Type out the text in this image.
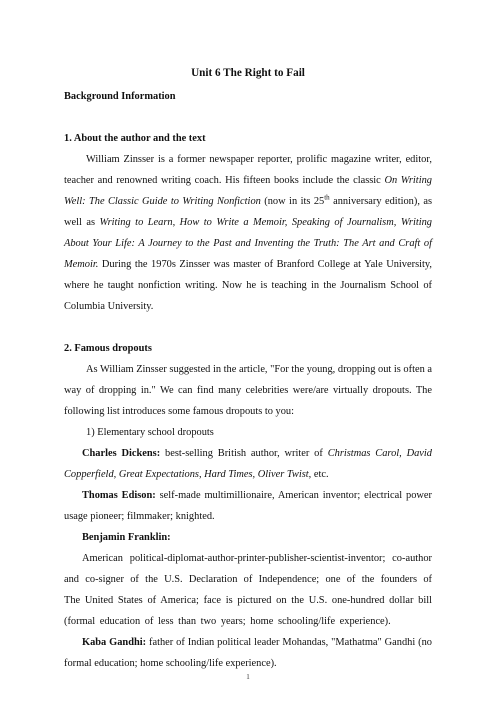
Unit 6 The Right to Fail
Background Information
1. About the author and the text

William Zinsser is a former newspaper reporter, prolific magazine writer, editor, teacher and renowned writing coach. His fifteen books include the classic On Writing Well: The Classic Guide to Writing Nonfiction (now in its 25th anniversary edition), as well as Writing to Learn, How to Write a Memoir, Speaking of Journalism, Writing About Your Life: A Journey to the Past and Inventing the Truth: The Art and Craft of Memoir. During the 1970s Zinsser was master of Branford College at Yale University, where he taught nonfiction writing. Now he is teaching in the Journalism School of Columbia University.

2. Famous dropouts

As William Zinsser suggested in the article, "For the young, dropping out is often a way of dropping in." We can find many celebrities were/are virtually dropouts. The following list introduces some famous dropouts to you:

1) Elementary school dropouts

Charles Dickens: best-selling British author, writer of Christmas Carol, David Copperfield, Great Expectations, Hard Times, Oliver Twist, etc.

Thomas Edison: self-made multimillionaire, American inventor; electrical power usage pioneer; filmmaker; knighted.

Benjamin Franklin:

American political-diplomat-author-printer-publisher-scientist-inventor; co-author and co-signer of the U.S. Declaration of Independence; one of the founders of The United States of America; face is pictured on the U.S. one-hundred dollar bill (formal education of less than two years; home schooling/life experience).

Kaba Gandhi: father of Indian political leader Mohandas, "Mathatma" Gandhi (no formal education; home schooling/life experience).

1
